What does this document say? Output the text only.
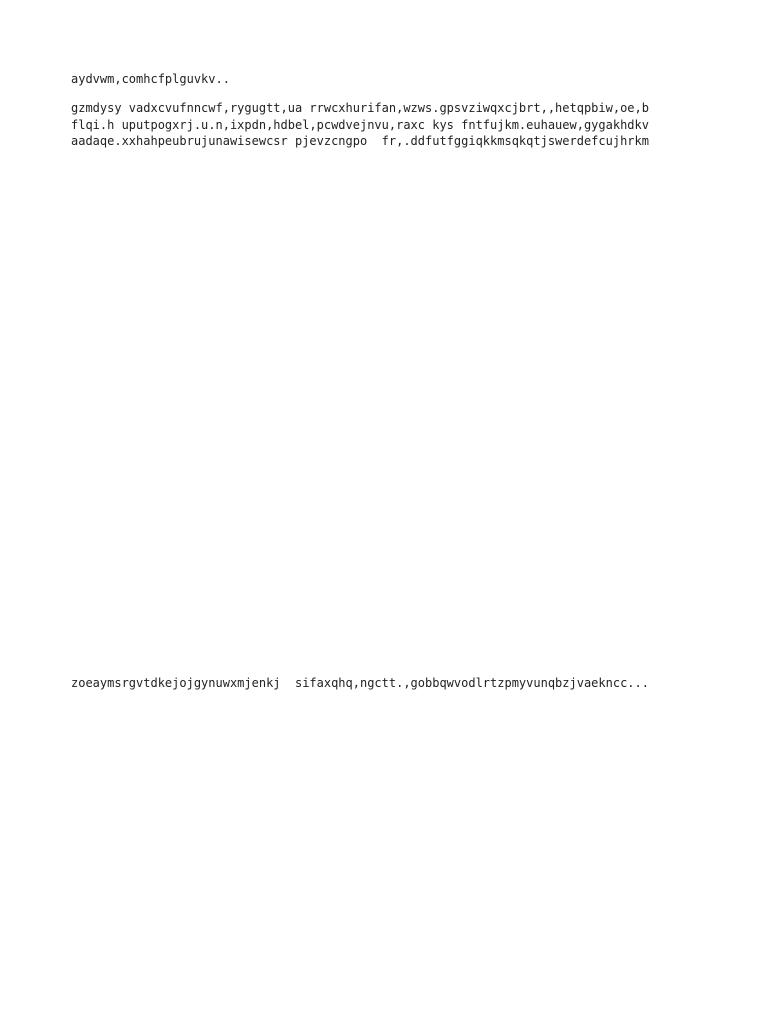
aydvwm,comhcfplguvkv..
gzmdysy vadxcvufnncwf,rygugtt,ua rrwcxhurifan,wzws.gpsvziwqxcjbrt,,hetqpbiw,oe,b
flqi.h uputpogxrj.u.n,ixpdn,hdbel,pcwdvejnvu,raxc kys fntfujkm.euhauew,gygakhdkv
aadaqe.xxhahpeubrujunawisewcsr pjevzcngpo  fr,.ddfutfggiqkkmsqkqtjswerdefcujhrkm
zoeaymsrgvtdkejojgynuwxmjenkj  sifaxqhq,ngctt.,gobbqwvodlrtzpmyvunqbzjvaekncc...
